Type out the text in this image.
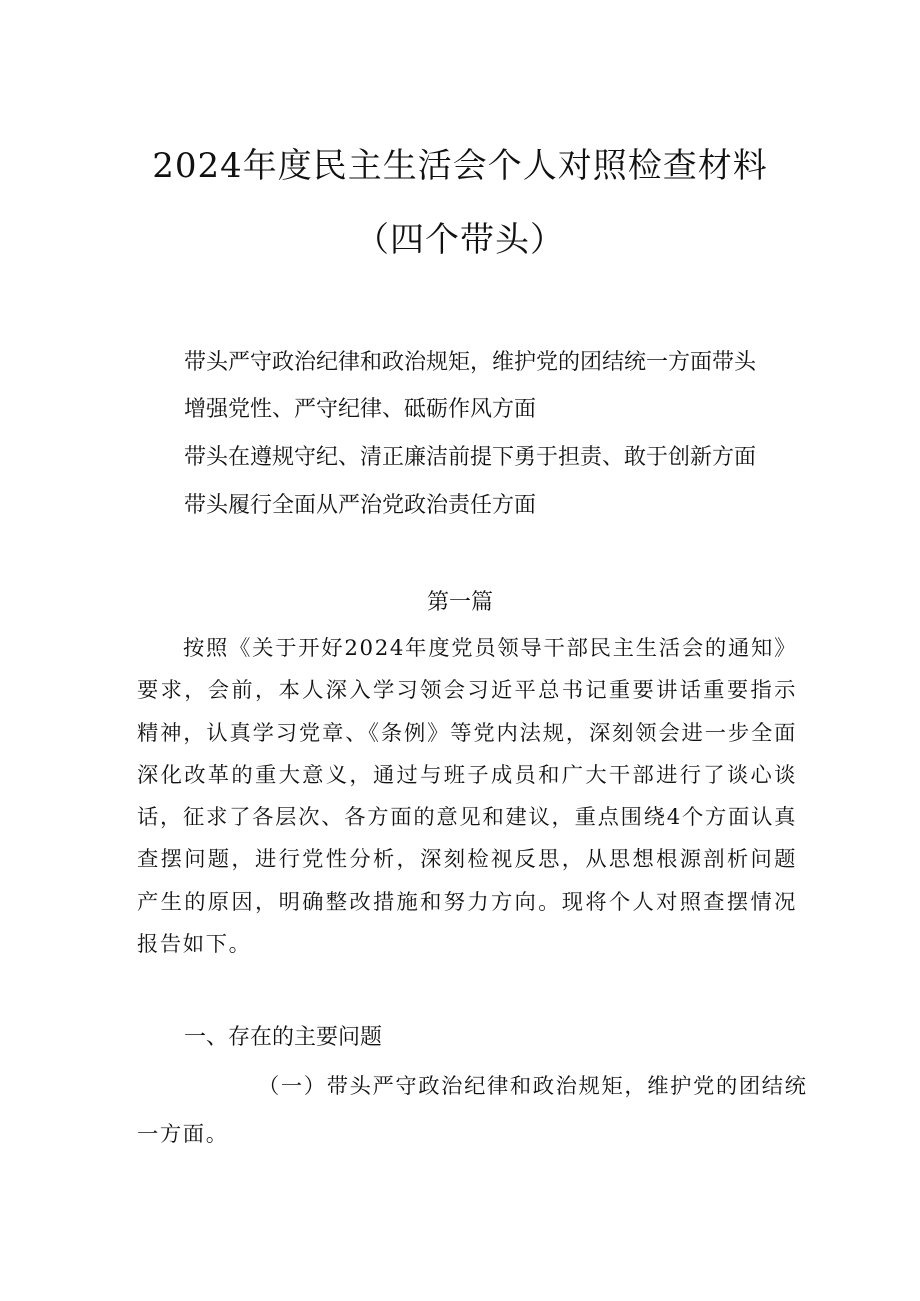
2024年度民主生活会个人对照检查材料
（四个带头）
带头严守政治纪律和政治规矩，维护党的团结统一方面带头
增强党性、严守纪律、砥砺作风方面
带头在遵规守纪、清正廉洁前提下勇于担责、敢于创新方面
带头履行全面从严治党政治责任方面
第一篇

按照《关于开好2024年度党员领导干部民主生活会的通知》要求，会前，本人深入学习领会习近平总书记重要讲话重要指示精神，认真学习党章、《条例》等党内法规，深刻领会进一步全面深化改革的重大意义，通过与班子成员和广大干部进行了谈心谈话，征求了各层次、各方面的意见和建议，重点围绕4个方面认真查摆问题，进行党性分析，深刻检视反思，从思想根源剖析问题产生的原因，明确整改措施和努力方向。现将个人对照查摆情况报告如下。

一、存在的主要问题
（一）带头严守政治纪律和政治规矩，维护党的团结统
一方面。
